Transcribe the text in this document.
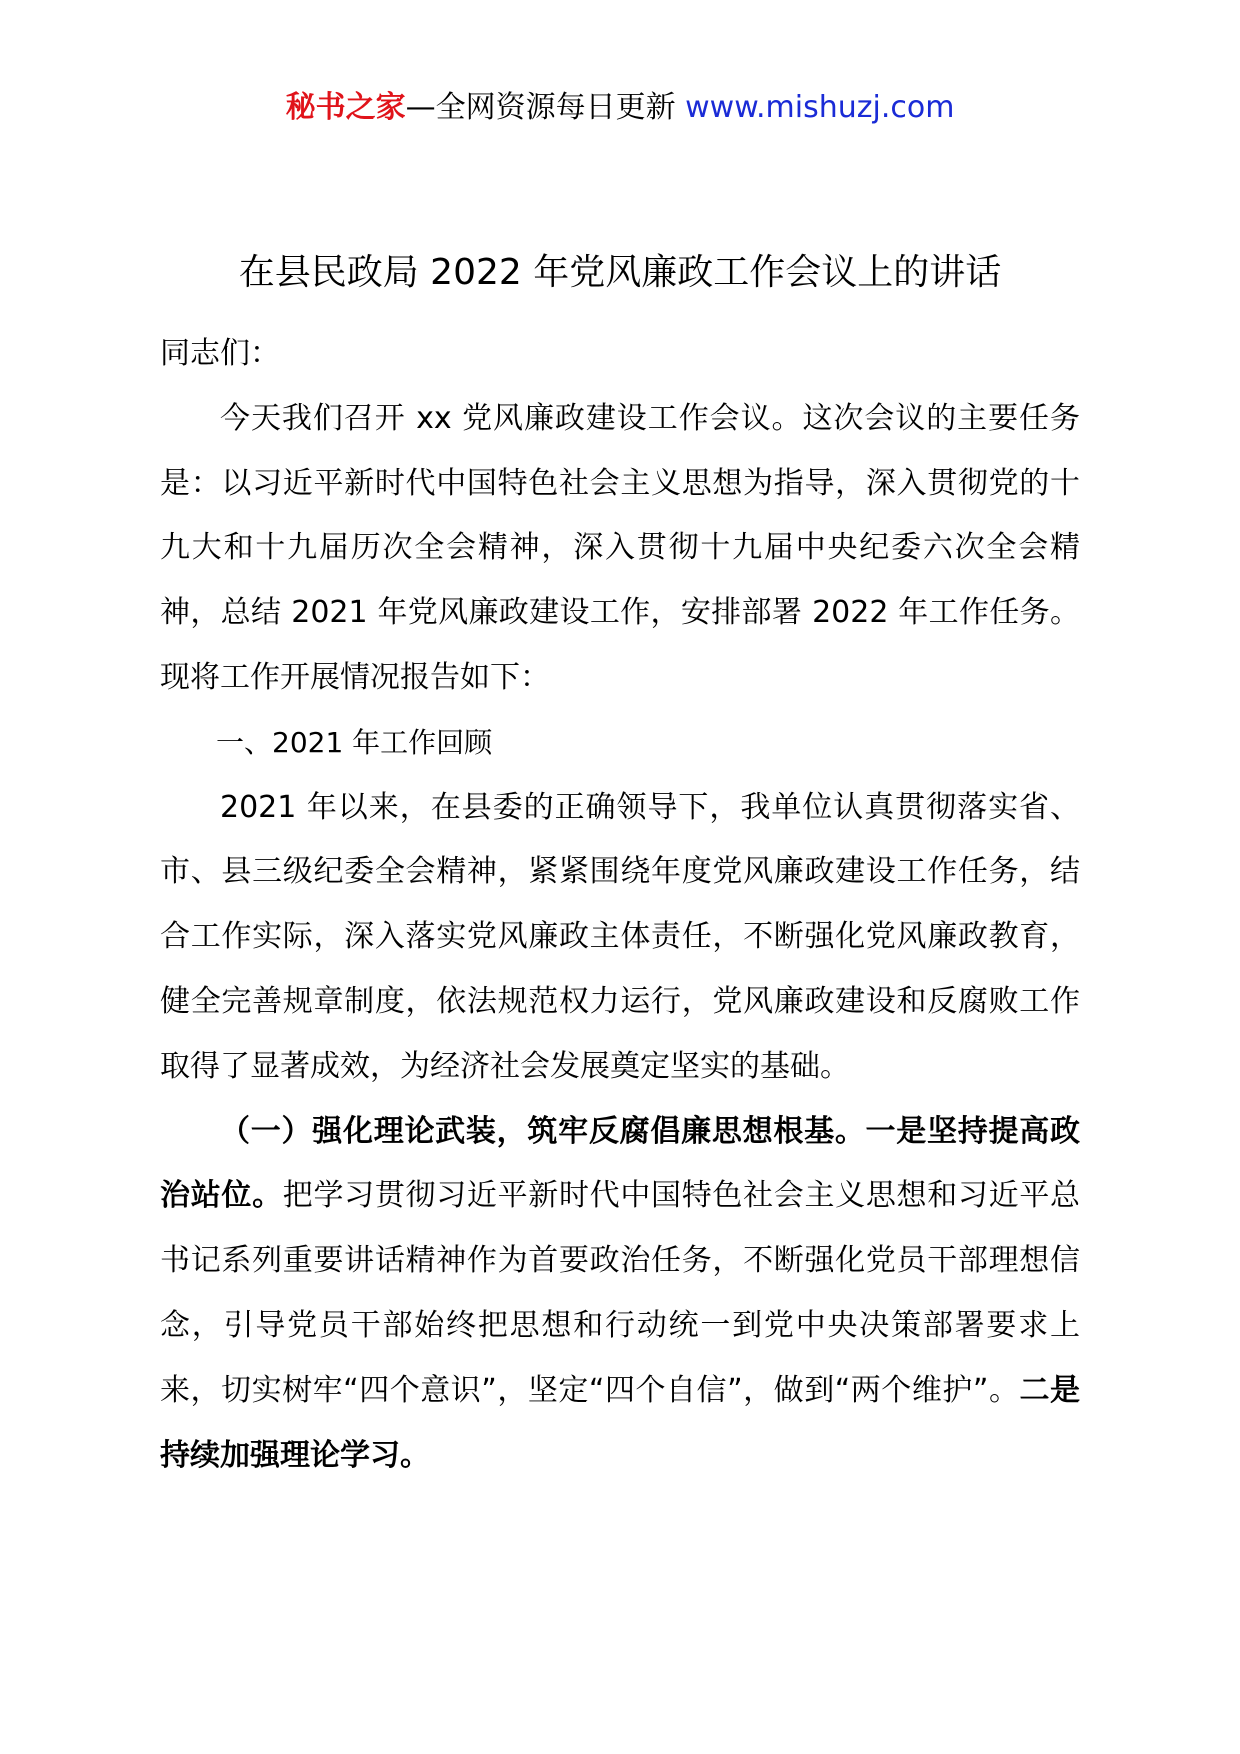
秘书之家—全网资源每日更新 www.mishuzj.com
在县民政局 2022 年党风廉政工作会议上的讲话

同志们：

今天我们召开 xx 党风廉政建设工作会议。这次会议的主要任务是：以习近平新时代中国特色社会主义思想为指导，深入贯彻党的十九大和十九届历次全会精神，深入贯彻十九届中央纪委六次全会精神，总结 2021 年党风廉政建设工作，安排部署 2022 年工作任务。现将工作开展情况报告如下：

一、2021 年工作回顾

2021 年以来，在县委的正确领导下，我单位认真贯彻落实省、市、县三级纪委全会精神，紧紧围绕年度党风廉政建设工作任务，结合工作实际，深入落实党风廉政主体责任，不断强化党风廉政教育，健全完善规章制度，依法规范权力运行，党风廉政建设和反腐败工作取得了显著成效，为经济社会发展奠定坚实的基础。

（一）强化理论武装，筑牢反腐倡廉思想根基。一是坚持提高政治站位。把学习贯彻习近平新时代中国特色社会主义思想和习近平总书记系列重要讲话精神作为首要政治任务，不断强化党员干部理想信念，引导党员干部始终把思想和行动统一到党中央决策部署要求上来，切实树牢“四个意识”，坚定“四个自信”，做到“两个维护”。二是持续加强理论学习。
